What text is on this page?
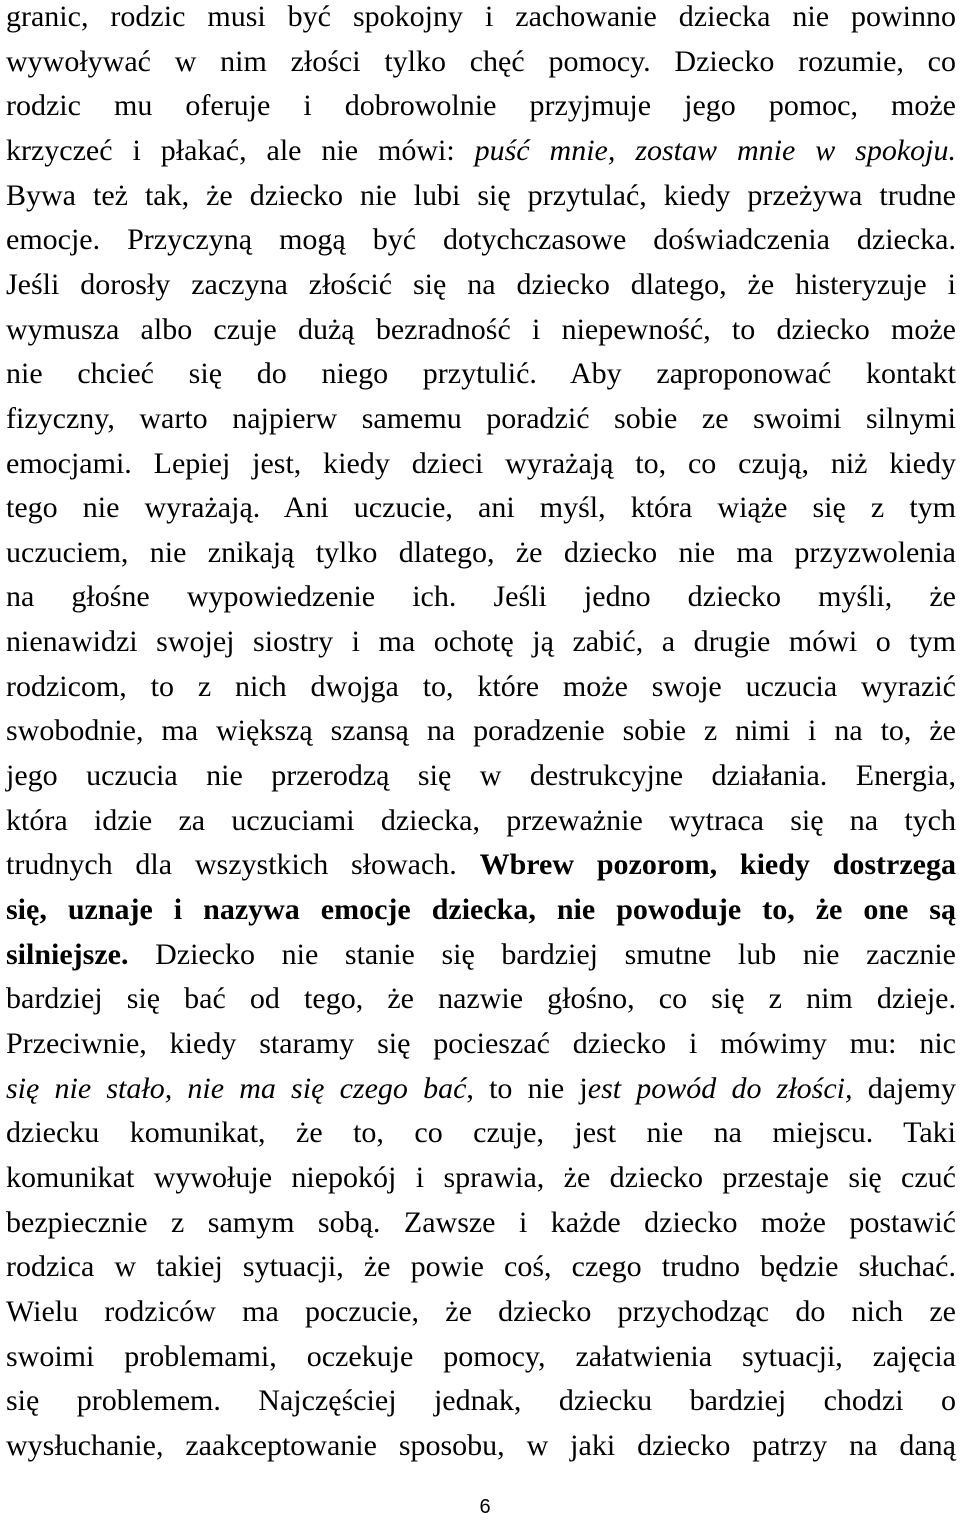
granic, rodzic musi być spokojny i zachowanie dziecka nie powinno
wywoływać w nim złości tylko chęć pomocy. Dziecko rozumie, co
rodzic mu oferuje i dobrowolnie przyjmuje jego pomoc, może
krzyczeć i płakać, ale nie mówi: puść mnie, zostaw mnie w spokoju.
Bywa też tak, że dziecko nie lubi się przytulać, kiedy przeżywa trudne
emocje. Przyczyną mogą być dotychczasowe doświadczenia dziecka.
Jeśli dorosły zaczyna złościć się na dziecko dlatego, że histeryzuje i
wymusza albo czuje dużą bezradność i niepewność, to dziecko może
nie chcieć się do niego przytulić. Aby zaproponować kontakt
fizyczny, warto najpierw samemu poradzić sobie ze swoimi silnymi
emocjami. Lepiej jest, kiedy dzieci wyrażają to, co czują, niż kiedy
tego nie wyrażają. Ani uczucie, ani myśl, która wiąże się z tym
uczuciem, nie znikają tylko dlatego, że dziecko nie ma przyzwolenia
na głośne wypowiedzenie ich. Jeśli jedno dziecko myśli, że
nienawidzi swojej siostry i ma ochotę ją zabić, a drugie mówi o tym
rodzicom, to z nich dwojga to, które może swoje uczucia wyrazić
swobodnie, ma większą szansą na poradzenie sobie z nimi i na to, że
jego uczucia nie przerodzą się w destrukcyjne działania. Energia,
która idzie za uczuciami dziecka, przeważnie wytraca się na tych
trudnych dla wszystkich słowach. Wbrew pozorom, kiedy dostrzega
się, uznaje i nazywa emocje dziecka, nie powoduje to, że one są
silniejsze. Dziecko nie stanie się bardziej smutne lub nie zacznie
bardziej się bać od tego, że nazwie głośno, co się z nim dzieje.
Przeciwnie, kiedy staramy się pocieszać dziecko i mówimy mu: nic
się nie stało, nie ma się czego bać, to nie jest powód do złości, dajemy
dziecku komunikat, że to, co czuje, jest nie na miejscu. Taki
komunikat wywołuje niepokój i sprawia, że dziecko przestaje się czuć
bezpiecznie z samym sobą. Zawsze i każde dziecko może postawić
rodzica w takiej sytuacji, że powie coś, czego trudno będzie słuchać.
Wielu rodziców ma poczucie, że dziecko przychodząc do nich ze
swoimi problemami, oczekuje pomocy, załatwienia sytuacji, zajęcia
się problemem. Najczęściej jednak, dziecku bardziej chodzi o
wysłuchanie, zaakceptowanie sposobu, w jaki dziecko patrzy na daną
6
